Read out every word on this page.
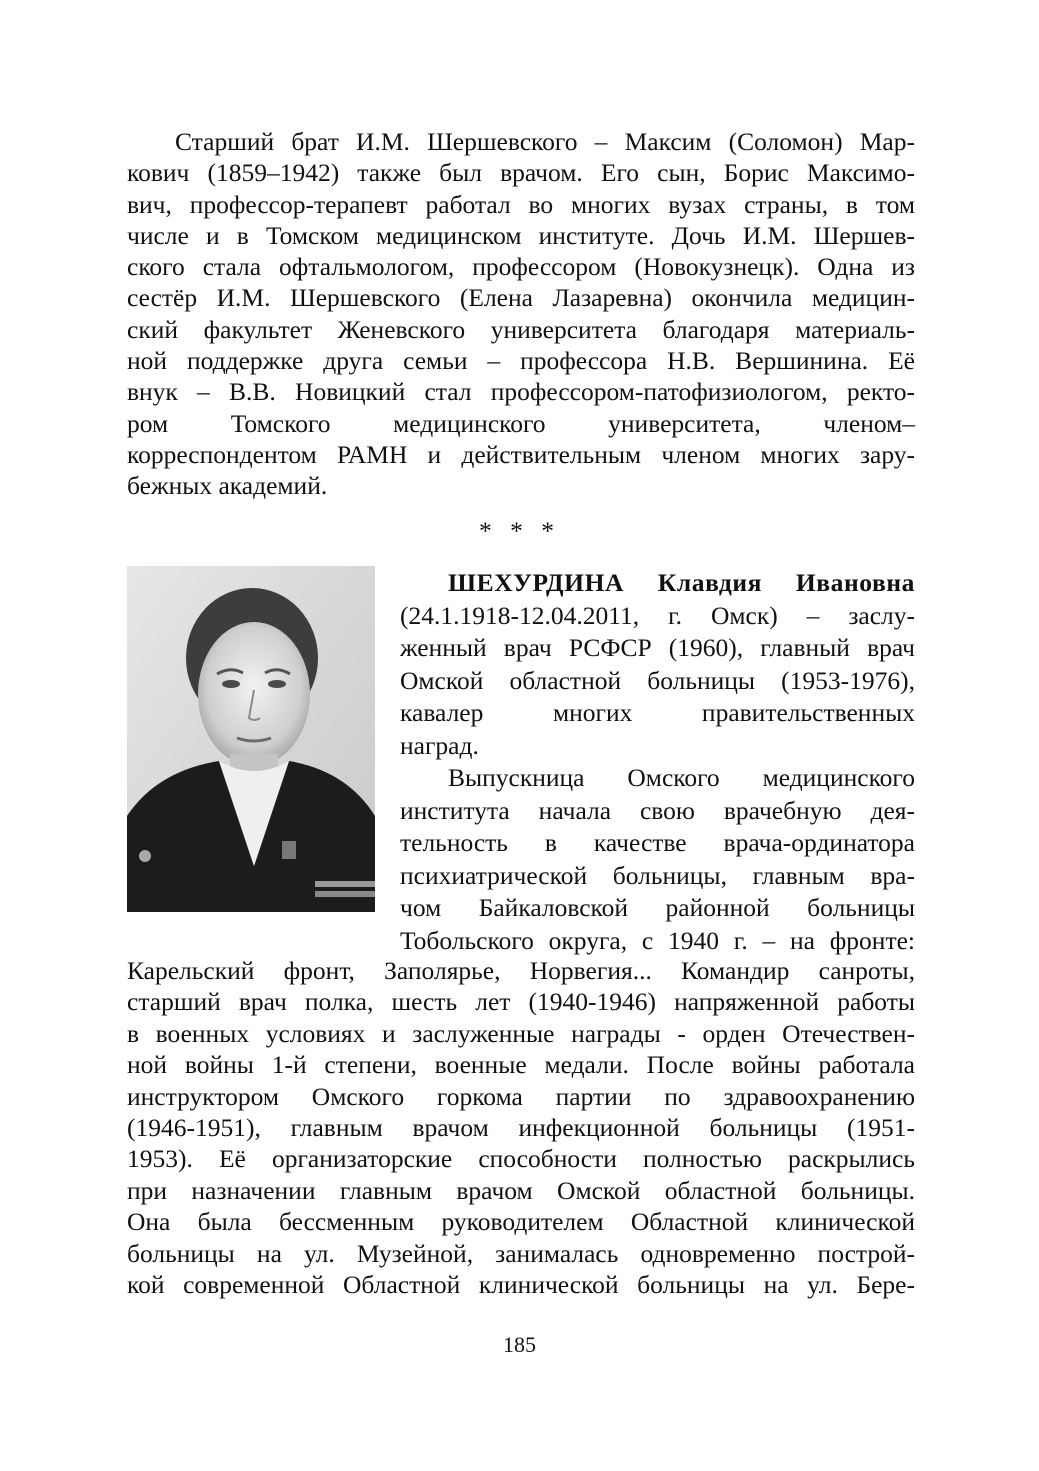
Старший брат И.М. Шершевского – Максим (Соломон) Мар-
кович (1859–1942) также был врачом. Его сын, Борис Максимо-
вич, профессор-терапевт работал во многих вузах страны, в том
числе и в Томском медицинском институте. Дочь И.М. Шершев-
ского стала офтальмологом, профессором (Новокузнецк). Одна из
сестёр И.М. Шершевского (Елена Лазаревна) окончила медицин-
ский факультет Женевского университета благодаря материаль-
ной поддержке друга семьи – профессора Н.В. Вершинина. Её
внук – В.В. Новицкий стал профессором-патофизиологом, ректо-
ром Томского медицинского университета, членом–
корреспондентом РАМН и действительным членом многих зару-
бежных академий.
* * *
ШЕХУРДИНА Клавдия Ивановна
(24.1.1918-12.04.2011, г. Омск) – заслу-
женный врач РСФСР (1960), главный врач
Омской областной больницы (1953-1976),
кавалер многих правительственных
наград.
Выпускница Омского медицинского
института начала свою врачебную дея-
тельность в качестве врача-ординатора
психиатрической больницы, главным вра-
чом Байкаловской районной больницы
Тобольского округа, с 1940 г. – на фронте:
Карельский фронт, Заполярье, Норвегия... Командир санроты,
старший врач полка, шесть лет (1940-1946) напряженной работы
в военных условиях и заслуженные награды - орден Отечествен-
ной войны 1-й степени, военные медали. После войны работала
инструктором Омского горкома партии по здравоохранению
(1946-1951), главным врачом инфекционной больницы (1951-
1953). Её организаторские способности полностью раскрылись
при назначении главным врачом Омской областной больницы.
Она была бессменным руководителем Областной клинической
больницы на ул. Музейной, занималась одновременно построй-
кой современной Областной клинической больницы на ул. Бере-
185
